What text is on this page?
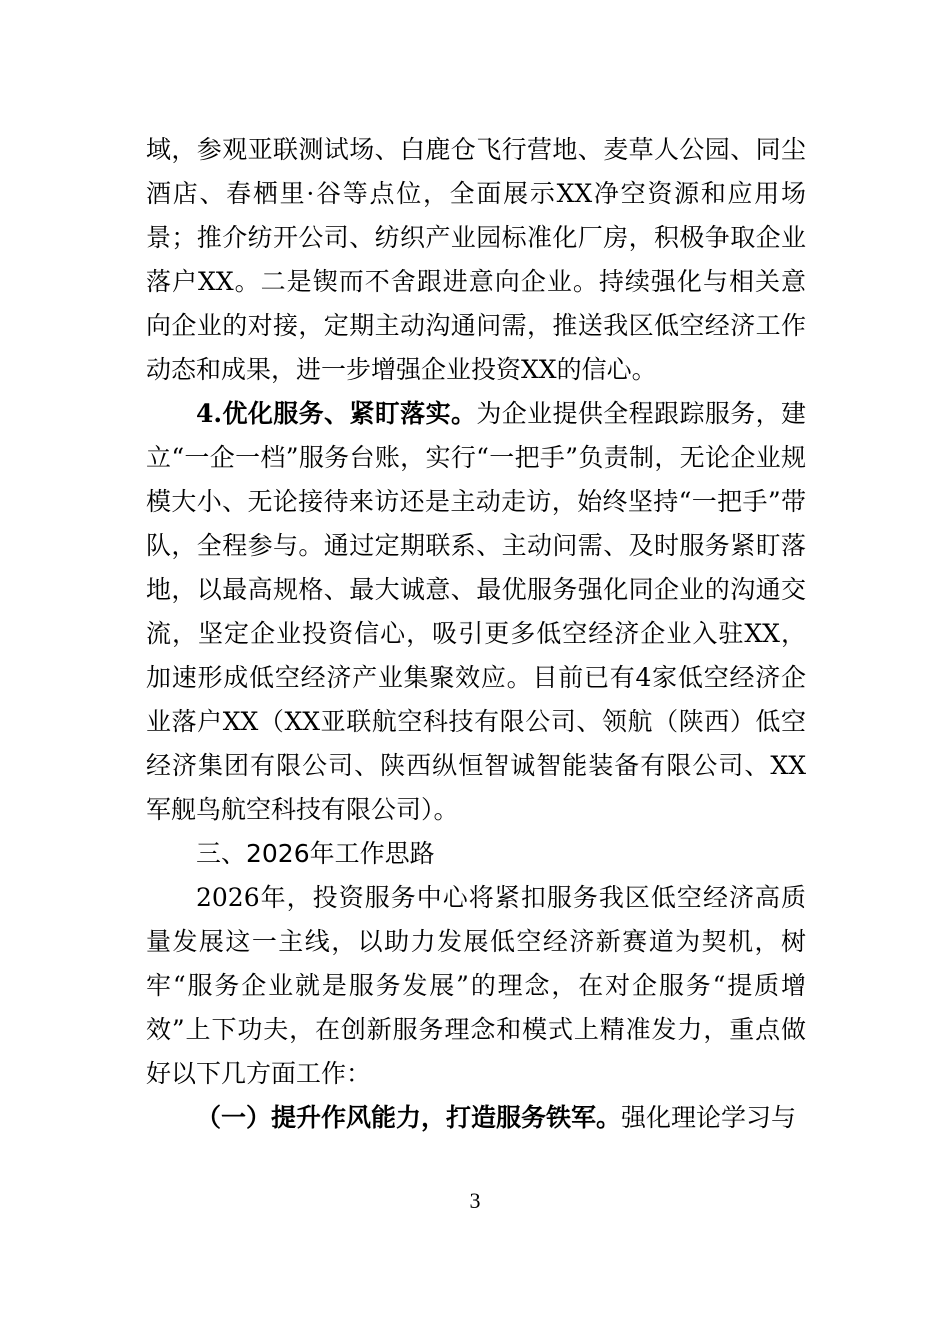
域，参观亚联测试场、白鹿仓飞行营地、麦草人公园、同尘酒店、春栖里·谷等点位，全面展示XX净空资源和应用场景；推介纺开公司、纺织产业园标准化厂房，积极争取企业落户XX。二是锲而不舍跟进意向企业。持续强化与相关意向企业的对接，定期主动沟通问需，推送我区低空经济工作动态和成果，进一步增强企业投资XX的信心。

4.优化服务、紧盯落实。为企业提供全程跟踪服务，建立“一企一档”服务台账，实行“一把手”负责制，无论企业规模大小、无论接待来访还是主动走访，始终坚持“一把手”带队，全程参与。通过定期联系、主动问需、及时服务紧盯落地，以最高规格、最大诚意、最优服务强化同企业的沟通交流，坚定企业投资信心，吸引更多低空经济企业入驻XX，加速形成低空经济产业集聚效应。目前已有4家低空经济企业落户XX（XX亚联航空科技有限公司、领航（陕西）低空经济集团有限公司、陕西纵恒智诚智能装备有限公司、XX军舰鸟航空科技有限公司）。

三、2026年工作思路

2026年，投资服务中心将紧扣服务我区低空经济高质量发展这一主线，以助力发展低空经济新赛道为契机，树牢“服务企业就是服务发展”的理念，在对企服务“提质增效”上下功夫，在创新服务理念和模式上精准发力，重点做好以下几方面工作：

（一）提升作风能力，打造服务铁军。强化理论学习与

3
